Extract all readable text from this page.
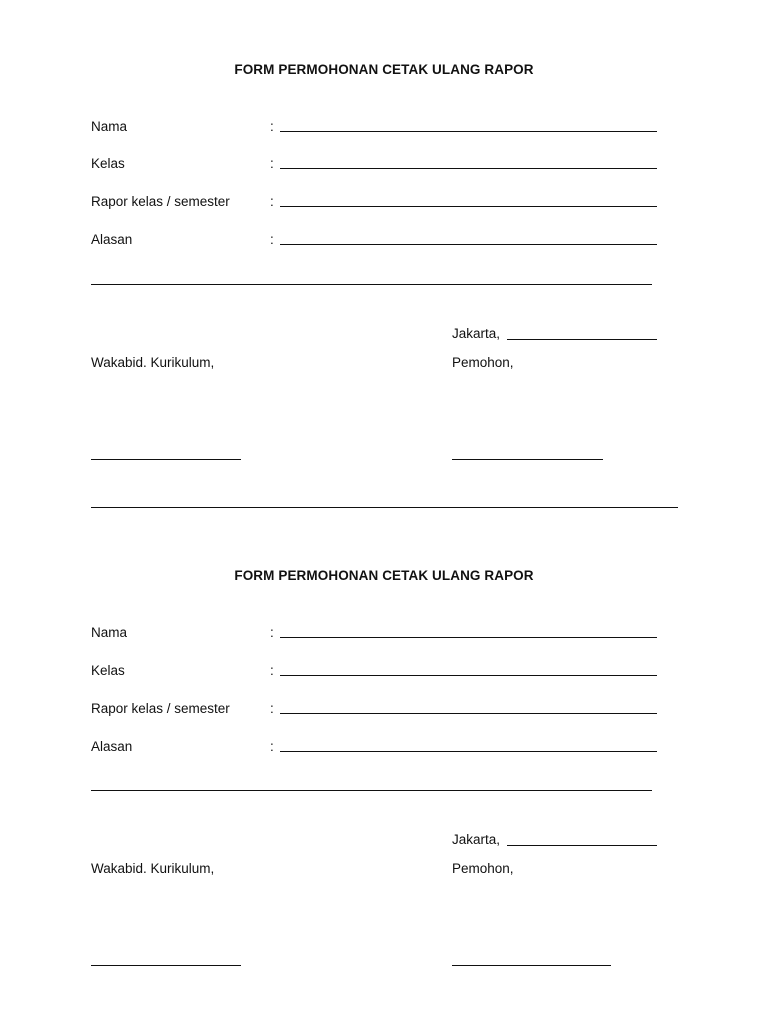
FORM PERMOHONAN CETAK ULANG RAPOR
Nama	:
Kelas	:
Rapor kelas / semester	:
Alasan	:
Jakarta,
Wakabid. Kurikulum,	Pemohon,
FORM PERMOHONAN CETAK ULANG RAPOR
Nama	:
Kelas	:
Rapor kelas / semester	:
Alasan	:
Jakarta,
Wakabid. Kurikulum,	Pemohon,
